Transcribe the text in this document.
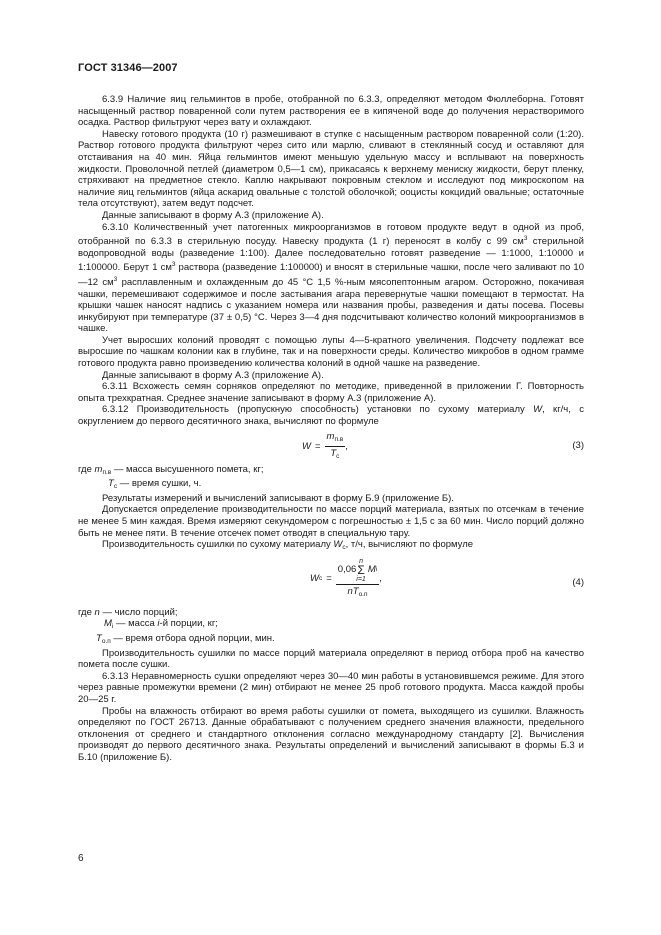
ГОСТ 31346—2007

6.3.9 Наличие яиц гельминтов в пробе, отобранной по 6.3.3, определяют методом Фюллеборна. Готовят насыщенный раствор поваренной соли путем растворения ее в кипяченой воде до получения нерастворимого осадка. Раствор фильтруют через вату и охлаждают.

Навеску готового продукта (10 г) размешивают в ступке с насыщенным раствором поваренной соли (1:20). Раствор готового продукта фильтруют через сито или марлю, сливают в стеклянный сосуд и оставляют для отстаивания на 40 мин. Яйца гельминтов имеют меньшую удельную массу и всплывают на поверхность жидкости. Проволочной петлей (диаметром 0,5—1 см), прикасаясь к верхнему мениску жидкости, берут пленку, стряхивают на предметное стекло. Каплю накрывают покровным стеклом и исследуют под микроскопом на наличие яиц гельминтов (яйца аскарид овальные с толстой оболочкой; ооцисты кокцидий овальные; остаточные тела отсутствуют), затем ведут подсчет.

Данные записывают в форму А.3 (приложение А).

6.3.10 Количественный учет патогенных микроорганизмов в готовом продукте ведут в одной из проб, отобранной по 6.3.3 в стерильную посуду. Навеску продукта (1 г) переносят в колбу с 99 $см^3$ стерильной водопроводной воды (разведение 1:100). Далее последовательно готовят разведение — 1:1000, 1:10000 и 1:100000. Берут 1 $см^3$ раствора (разведение 1:100000) и вносят в стерильные чашки, после чего заливают по 10 —12 $см^3$ расплавленным и охлажденным до 45 °С 1,5 %-ным мясопептонным агаром. Осторожно, покачивая чашки, перемешивают содержимое и после застывания агара перевернутые чашки помещают в термостат. На крышки чашек наносят надпись с указанием номера или названия пробы, разведения и даты посева. Посевы инкубируют при температуре (37 ± 0,5) °С. Через 3—4 дня подсчитывают количество колоний микроорганизмов в чашке.

Учет выросших колоний проводят с помощью лупы 4—5-кратного увеличения. Подсчету подлежат все выросшие по чашкам колонии как в глубине, так и на поверхности среды. Количество микробов в одном грамме готового продукта равно произведению количества колоний в одной чашке на разведение.

Данные записывают в форму А.3 (приложение А).

6.3.11 Всхожесть семян сорняков определяют по методике, приведенной в приложении Г. Повторность опыта трехкратная. Среднее значение записывают в форму А.3 (приложение А).

6.3.12 Производительность (пропускную способность) установки по сухому материалу W, кг/ч, с округлением до первого десятичного знака, вычисляют по формуле

$W = \frac{m_{п.в}}{T_с}$ ,	(3)

где $m_{п.в}$ — масса высушенного помета, кг;

$T_с$ — время сушки, ч.

Результаты измерений и вычислений записывают в форму Б.9 (приложение Б).

Допускается определение производительности по массе порций материала, взятых по отсечкам в течение не менее 5 мин каждая. Время измеряют секундомером с погрешностью ± 1,5 с за 60 мин. Число порций должно быть не менее пяти. В течение отсечек помет отводят в специальную тару.

Производительность сушилки по сухому материалу $W_с$, т/ч, вычисляют по формуле

W с =
0,06
n
Σ
i=1
M i
$nT_{о.п}$
,	(4)

где n — число порций;

$M_i$ — масса i-й порции, кг;

$T_{о.п}$ — время отбора одной порции, мин.

Производительность сушилки по массе порций материала определяют в период отбора проб на качество помета после сушки.

6.3.13 Неравномерность сушки определяют через 30—40 мин работы в установившемся режиме. Для этого через равные промежутки времени (2 мин) отбирают не менее 25 проб готового продукта. Масса каждой пробы 20—25 г.

Пробы на влажность отбирают во время работы сушилки от помета, выходящего из сушилки. Влажность определяют по ГОСТ 26713. Данные обрабатывают с получением среднего значения влажности, предельного отклонения от среднего и стандартного отклонения согласно международному стандарту [2]. Вычисления производят до первого десятичного знака. Результаты определений и вычислений записывают в формы Б.3 и Б.10 (приложение Б).

6
